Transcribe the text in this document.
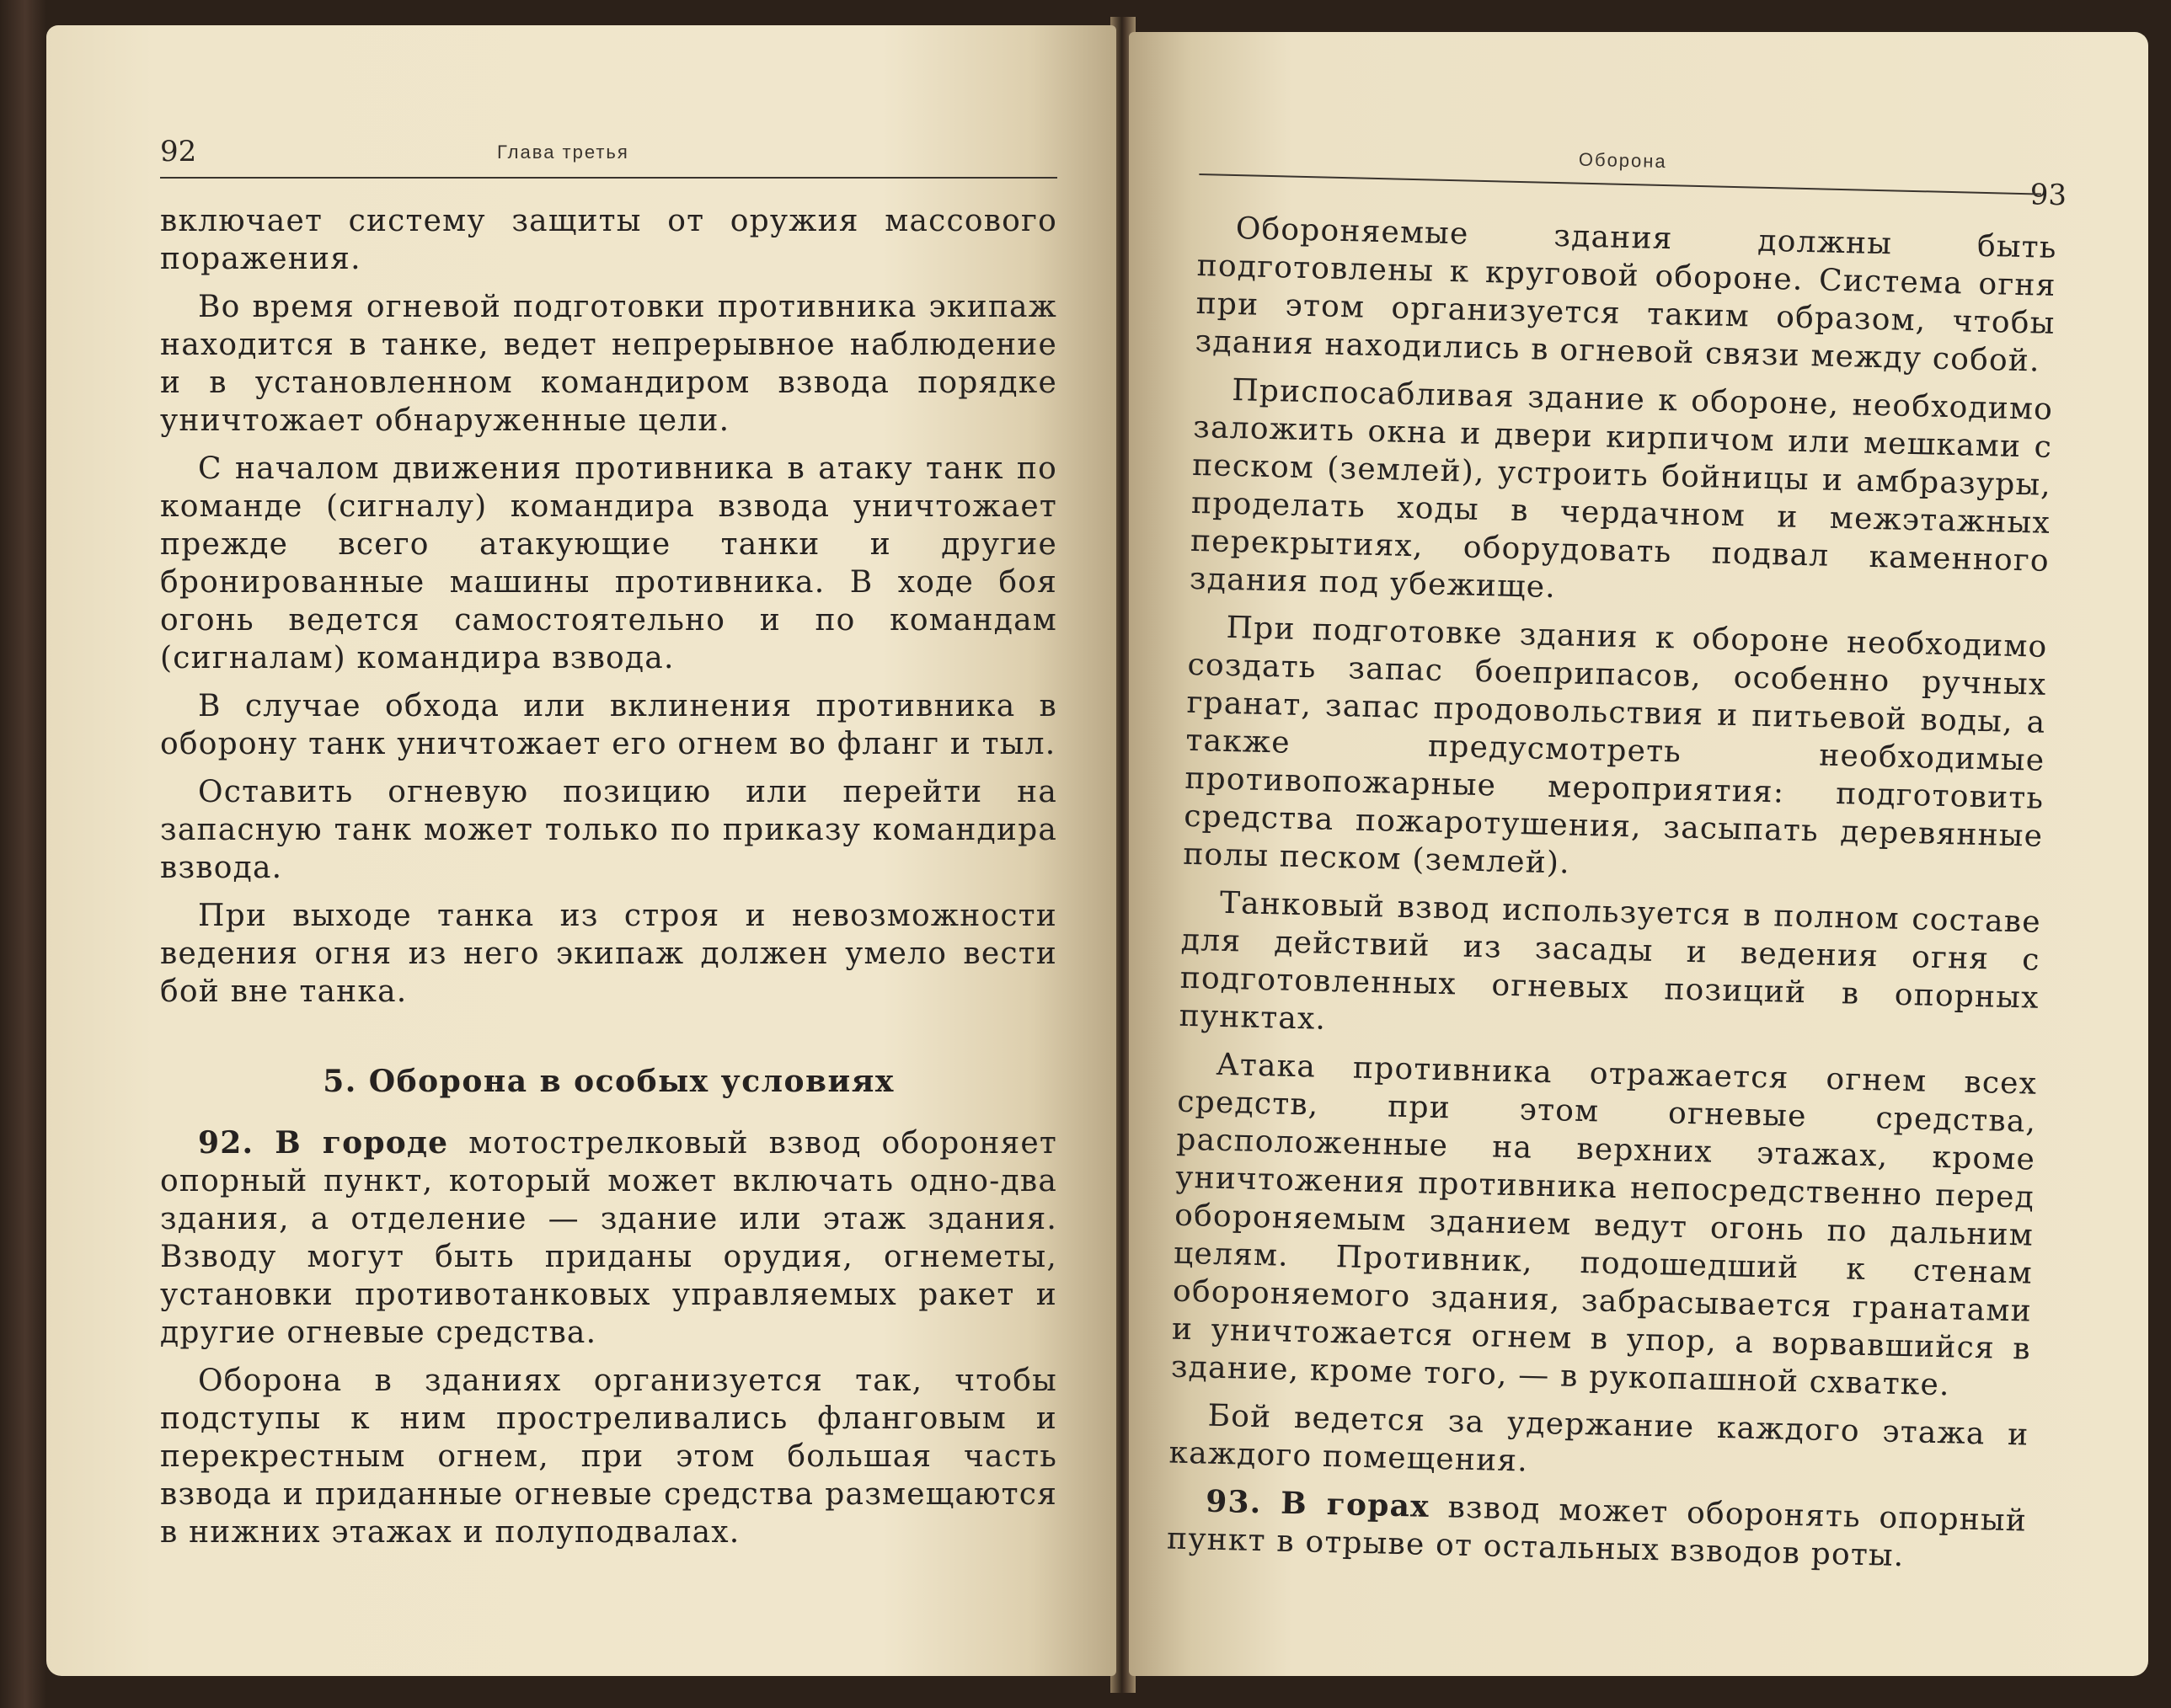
92	Глава третья

включает систему защиты от оружия массового поражения.

Во время огневой подготовки противника экипаж находится в танке, ведет непрерывное наблюдение и в установленном командиром взвода порядке уничтожает обнаруженные цели.

С началом движения противника в атаку танк по команде (сигналу) командира взвода уничтожает прежде всего атакующие танки и другие бронированные машины противника. В ходе боя огонь ведется самостоятельно и по командам (сигналам) командира взвода.

В случае обхода или вклинения противника в оборону танк уничтожает его огнем во фланг и тыл.

Оставить огневую позицию или перейти на запасную танк может только по приказу командира взвода.

При выходе танка из строя и невозможности ведения огня из него экипаж должен умело вести бой вне танка.

5. Оборона в особых условиях

92. В городе мотострелковый взвод обороняет опорный пункт, который может включать одно-два здания, а отделение — здание или этаж здания. Взводу могут быть приданы орудия, огнеметы, установки противотанковых управляемых ракет и другие огневые средства.

Оборона в зданиях организуется так, чтобы подступы к ним простреливались фланговым и перекрестным огнем, при этом большая часть взвода и приданные огневые средства размещаются в нижних этажах и полуподвалах.

Оборона
93

Обороняемые здания должны быть подготовлены к круговой обороне. Система огня при этом организуется таким образом, чтобы здания находились в огневой связи между собой.

Приспосабливая здание к обороне, необходимо заложить окна и двери кирпичом или мешками с песком (землей), устроить бойницы и амбразуры, проделать ходы в чердачном и межэтажных перекрытиях, оборудовать подвал каменного здания под убежище.

При подготовке здания к обороне необходимо создать запас боеприпасов, особенно ручных гранат, запас продовольствия и питьевой воды, а также предусмотреть необходимые противопожарные мероприятия: подготовить средства пожаротушения, засыпать деревянные полы песком (землей).

Танковый взвод используется в полном составе для действий из засады и ведения огня с подготовленных огневых позиций в опорных пунктах.

Атака противника отражается огнем всех средств, при этом огневые средства, расположенные на верхних этажах, кроме уничтожения противника непосредственно перед обороняемым зданием ведут огонь по дальним целям. Противник, подошедший к стенам обороняемого здания, забрасывается гранатами и уничтожается огнем в упор, а ворвавшийся в здание, кроме того, — в рукопашной схватке.

Бой ведется за удержание каждого этажа и каждого помещения.

93. В горах взвод может оборонять опорный пункт в отрыве от остальных взводов роты.
